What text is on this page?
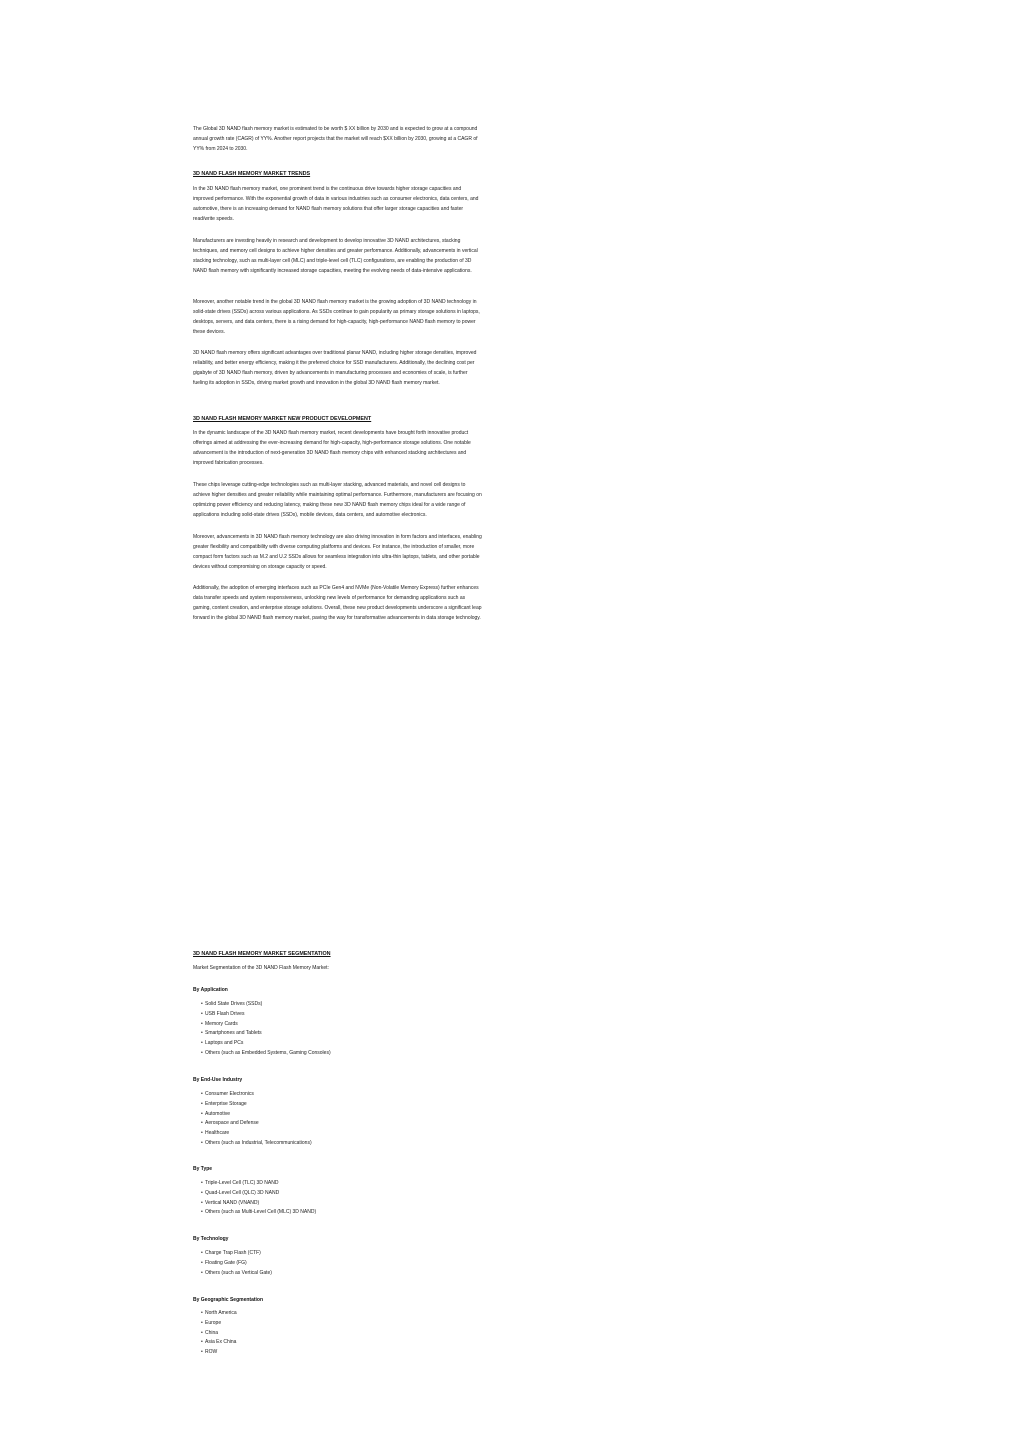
The Global 3D NAND flash memory market is estimated to be worth $ XX billion by 2030 and is expected to grow at a compound annual growth rate (CAGR) of YY%. Another report projects that the market will reach $XX billion by 2030, growing at a CAGR of YY% from 2024 to 2030.

3D NAND FLASH MEMORY MARKET TRENDS

In the 3D NAND flash memory market, one prominent trend is the continuous drive towards higher storage capacities and improved performance. With the exponential growth of data in various industries such as consumer electronics, data centers, and automotive, there is an increasing demand for NAND flash memory solutions that offer larger storage capacities and faster read/write speeds.

Manufacturers are investing heavily in research and development to develop innovative 3D NAND architectures, stacking techniques, and memory cell designs to achieve higher densities and greater performance. Additionally, advancements in vertical stacking technology, such as multi-layer cell (MLC) and triple-level cell (TLC) configurations, are enabling the production of 3D NAND flash memory with significantly increased storage capacities, meeting the evolving needs of data-intensive applications.

Moreover, another notable trend in the global 3D NAND flash memory market is the growing adoption of 3D NAND technology in solid-state drives (SSDs) across various applications. As SSDs continue to gain popularity as primary storage solutions in laptops, desktops, servers, and data centers, there is a rising demand for high-capacity, high-performance NAND flash memory to power these devices.

3D NAND flash memory offers significant advantages over traditional planar NAND, including higher storage densities, improved reliability, and better energy efficiency, making it the preferred choice for SSD manufacturers. Additionally, the declining cost per gigabyte of 3D NAND flash memory, driven by advancements in manufacturing processes and economies of scale, is further fueling its adoption in SSDs, driving market growth and innovation in the global 3D NAND flash memory market.

3D NAND FLASH MEMORY MARKET NEW PRODUCT DEVELOPMENT

In the dynamic landscape of the 3D NAND flash memory market, recent developments have brought forth innovative product offerings aimed at addressing the ever-increasing demand for high-capacity, high-performance storage solutions. One notable advancement is the introduction of next-generation 3D NAND flash memory chips with enhanced stacking architectures and improved fabrication processes.

These chips leverage cutting-edge technologies such as multi-layer stacking, advanced materials, and novel cell designs to achieve higher densities and greater reliability while maintaining optimal performance. Furthermore, manufacturers are focusing on optimizing power efficiency and reducing latency, making these new 3D NAND flash memory chips ideal for a wide range of applications including solid-state drives (SSDs), mobile devices, data centers, and automotive electronics.

Moreover, advancements in 3D NAND flash memory technology are also driving innovation in form factors and interfaces, enabling greater flexibility and compatibility with diverse computing platforms and devices. For instance, the introduction of smaller, more compact form factors such as M.2 and U.2 SSDs allows for seamless integration into ultra-thin laptops, tablets, and other portable devices without compromising on storage capacity or speed.

Additionally, the adoption of emerging interfaces such as PCIe Gen4 and NVMe (Non-Volatile Memory Express) further enhances data transfer speeds and system responsiveness, unlocking new levels of performance for demanding applications such as gaming, content creation, and enterprise storage solutions. Overall, these new product developments underscore a significant leap forward in the global 3D NAND flash memory market, paving the way for transformative advancements in data storage technology.

3D NAND FLASH MEMORY MARKET SEGMENTATION

Market Segmentation of the 3D NAND Flash Memory Market:

By Application
• Solid State Drives (SSDs)
• USB Flash Drives
• Memory Cards
• Smartphones and Tablets
• Laptops and PCs
• Others (such as Embedded Systems, Gaming Consoles)
By End-Use Industry
• Consumer Electronics
• Enterprise Storage
• Automotive
• Aerospace and Defense
• Healthcare
• Others (such as Industrial, Telecommunications)
By Type
• Triple-Level Cell (TLC) 3D NAND
• Quad-Level Cell (QLC) 3D NAND
• Vertical NAND (VNAND)
• Others (such as Multi-Level Cell (MLC) 3D NAND)
By Technology
• Charge Trap Flash (CTF)
• Floating Gate (FG)
• Others (such as Vertical Gate)
By Geographic Segmentation
• North America
• Europe
• China
• Asia Ex China
• ROW
